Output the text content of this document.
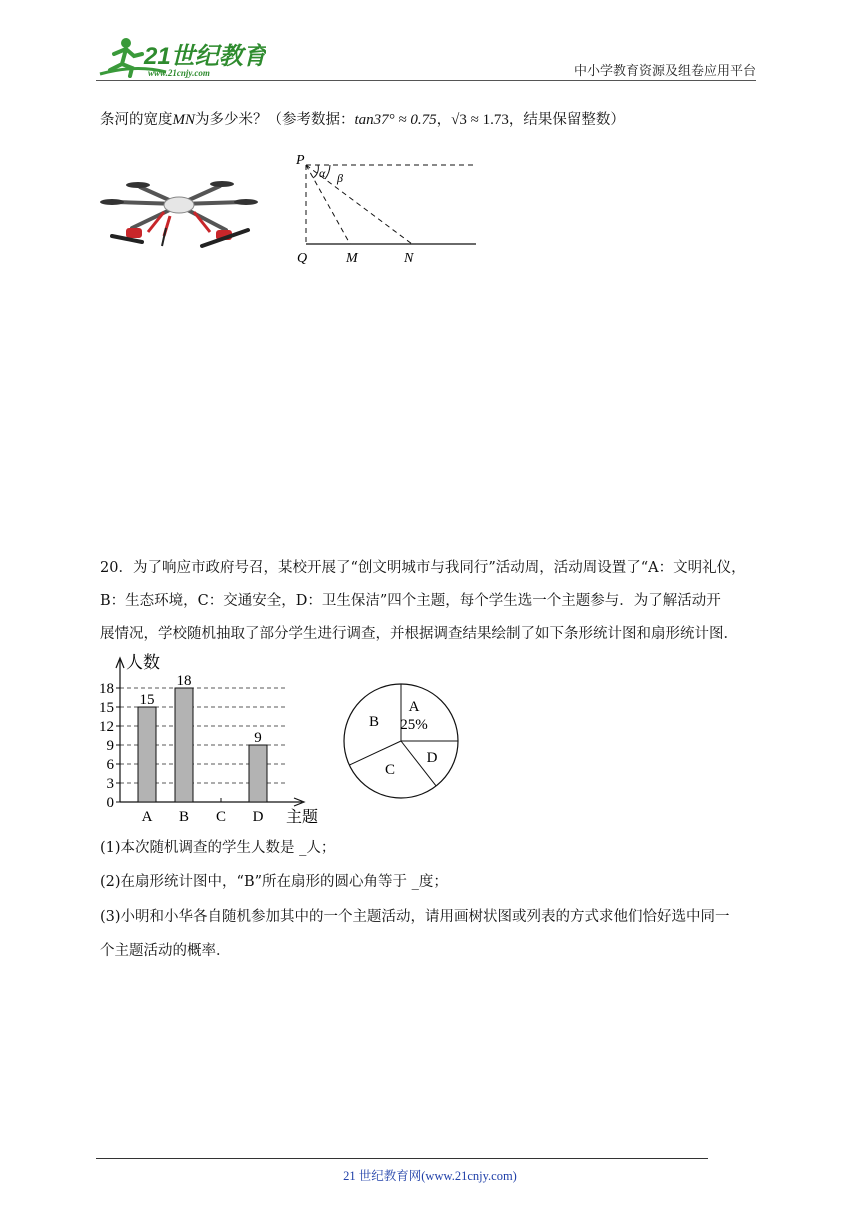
21世纪教育
www.21cnjy.com	中小学教育资源及组卷应用平台
条河的宽度MN为多少米？（参考数据：tan37° ≈ 0.75，√3 ≈ 1.73，结果保留整数）
P
Q	M	N
α β
20．为了响应市政府号召，某校开展了“创文明城市与我同行”活动周，活动周设置了“A：文明礼仪，
B：生态环境，C：交通安全，D：卫生保洁”四个主题，每个学生选一个主题参与．为了解活动开
展情况，学校随机抽取了部分学生进行调查，并根据调查结果绘制了如下条形统计图和扇形统计图．
0
3
6
9
12
15
18
人数
主题
15
A
18
B C
9
D
A
25%
B
C
D
(1)本次随机调查的学生人数是 _人；
(2)在扇形统计图中，“B”所在扇形的圆心角等于 _度；
(3)小明和小华各自随机参加其中的一个主题活动，请用画树状图或列表的方式求他们恰好选中同一
个主题活动的概率．
21 世纪教育网(www.21cnjy.com)
